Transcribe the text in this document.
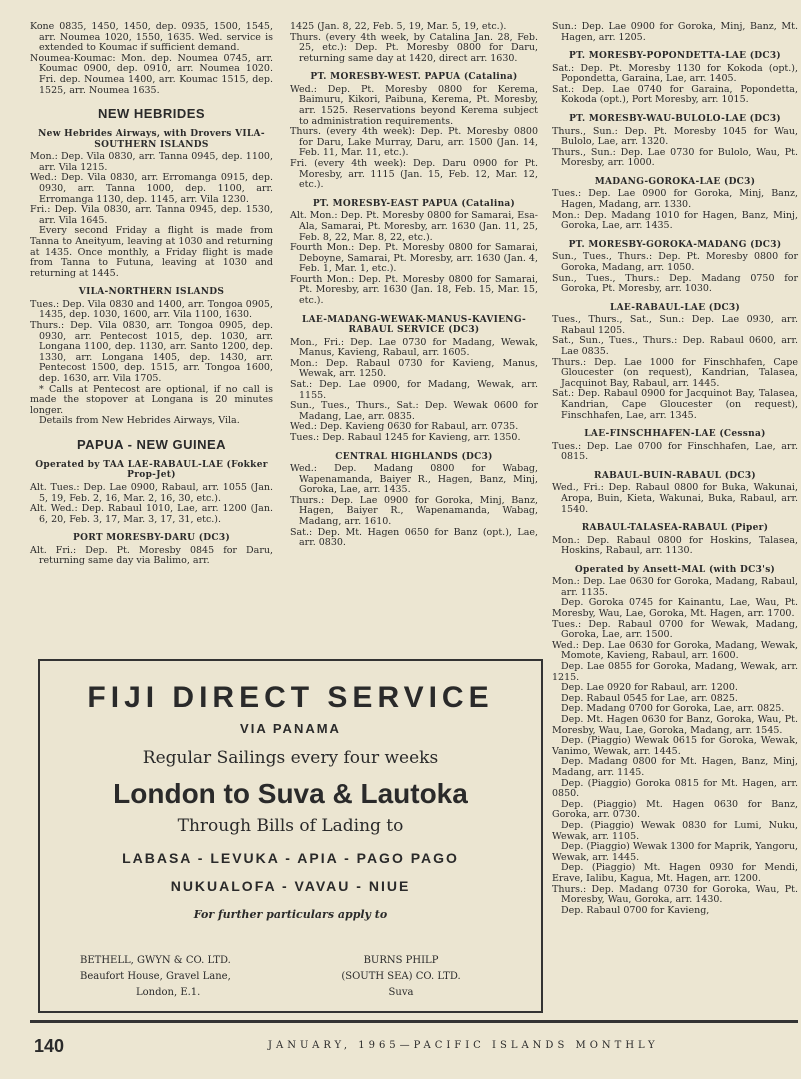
Kone 0835, 1450, 1450, dep. 0935, 1500, 1545, arr. Noumea 1020, 1550, 1635. Wed. service is extended to Koumac if sufficient demand.
Noumea-Koumac: Mon. dep. Noumea 0745, arr. Koumac 0900, dep. 0910, arr. Noumea 1020. Fri. dep. Noumea 1400, arr. Koumac 1515, dep. 1525, arr. Noumea 1635.
NEW HEBRIDES
New Hebrides Airways, with Drovers VILA-SOUTHERN ISLANDS
Mon.: Dep. Vila 0830, arr. Tanna 0945, dep. 1100, arr. Vila 1215.
Wed.: Dep. Vila 0830, arr. Erromanga 0915, dep. 0930, arr. Tanna 1000, dep. 1100, arr. Erromanga 1130, dep. 1145, arr. Vila 1230.
Fri.: Dep. Vila 0830, arr. Tanna 0945, dep. 1530, arr. Vila 1645.
Every second Friday a flight is made from Tanna to Aneityum, leaving at 1030 and returning at 1435. Once monthly, a Friday flight is made from Tanna to Futuna, leaving at 1030 and returning at 1445.
VILA-NORTHERN ISLANDS
Tues.: Dep. Vila 0830 and 1400, arr. Tongoa 0905, 1435, dep. 1030, 1600, arr. Vila 1100, 1630.
Thurs.: Dep. Vila 0830, arr. Tongoa 0905, dep. 0930, arr. Pentecost 1015, dep. 1030, arr. Longana 1100, dep. 1130, arr. Santo 1200, dep. 1330, arr. Longana 1405, dep. 1430, arr. Pentecost 1500, dep. 1515, arr. Tongoa 1600, dep. 1630, arr. Vila 1705.
* Calls at Pentecost are optional, if no call is made the stopover at Longana is 20 minutes longer.
Details from New Hebrides Airways, Vila.
PAPUA - NEW GUINEA
Operated by TAA LAE-RABAUL-LAE (Fokker Prop-Jet)
Alt. Tues.: Dep. Lae 0900, Rabaul, arr. 1055 (Jan. 5, 19, Feb. 2, 16, Mar. 2, 16, 30, etc.).
Alt. Wed.: Dep. Rabaul 1010, Lae, arr. 1200 (Jan. 6, 20, Feb. 3, 17, Mar. 3, 17, 31, etc.).
PORT MORESBY-DARU (DC3)
Alt. Fri.: Dep. Pt. Moresby 0845 for Daru, returning same day via Balimo, arr.
1425 (Jan. 8, 22, Feb. 5, 19, Mar. 5, 19, etc.).
Thurs. (every 4th week, by Catalina Jan. 28, Feb. 25, etc.): Dep. Pt. Moresby 0800 for Daru, returning same day at 1420, direct arr. 1630.
PT. MORESBY-WEST. PAPUA (Catalina)
Wed.: Dep. Pt. Moresby 0800 for Kerema, Baimuru, Kikori, Paibuna, Kerema, Pt. Moresby, arr. 1525. Reservations beyond Kerema subject to administration requirements.
Thurs. (every 4th week): Dep. Pt. Moresby 0800 for Daru, Lake Murray, Daru, arr. 1500 (Jan. 14, Feb. 11, Mar. 11, etc.).
Fri. (every 4th week): Dep. Daru 0900 for Pt. Moresby, arr. 1115 (Jan. 15, Feb. 12, Mar. 12, etc.).
PT. MORESBY-EAST PAPUA (Catalina)
Alt. Mon.: Dep. Pt. Moresby 0800 for Samarai, Esa-Ala, Samarai, Pt. Moresby, arr. 1630 (Jan. 11, 25, Feb. 8, 22, Mar. 8, 22, etc.).
Fourth Mon.: Dep. Pt. Moresby 0800 for Samarai, Deboyne, Samarai, Pt. Moresby, arr. 1630 (Jan. 4, Feb. 1, Mar. 1, etc.).
Fourth Mon.: Dep. Pt. Moresby 0800 for Samarai, Pt. Moresby, arr. 1630 (Jan. 18, Feb. 15, Mar. 15, etc.).
LAE-MADANG-WEWAK-MANUS-KAVIENG-RABAUL SERVICE (DC3)
Mon., Fri.: Dep. Lae 0730 for Madang, Wewak, Manus, Kavieng, Rabaul, arr. 1605.
Mon.: Dep. Rabaul 0730 for Kavieng, Manus, Wewak, arr. 1250.
Sat.: Dep. Lae 0900, for Madang, Wewak, arr. 1155.
Sun., Tues., Thurs., Sat.: Dep. Wewak 0600 for Madang, Lae, arr. 0835.
Wed.: Dep. Kavieng 0630 for Rabaul, arr. 0735.
Tues.: Dep. Rabaul 1245 for Kavieng, arr. 1350.
CENTRAL HIGHLANDS (DC3)
Wed.: Dep. Madang 0800 for Wabag, Wapenamanda, Baiyer R., Hagen, Banz, Minj, Goroka, Lae, arr. 1435.
Thurs.: Dep. Lae 0900 for Goroka, Minj, Banz, Hagen, Baiyer R., Wapenamanda, Wabag, Madang, arr. 1610.
Sat.: Dep. Mt. Hagen 0650 for Banz (opt.), Lae, arr. 0830.
Sun.: Dep. Lae 0900 for Goroka, Minj, Banz, Mt. Hagen, arr. 1205.
PT. MORESBY-POPONDETTA-LAE (DC3)
Sat.: Dep. Pt. Moresby 1130 for Kokoda (opt.), Popondetta, Garaina, Lae, arr. 1405.
Sat.: Dep. Lae 0740 for Garaina, Popondetta, Kokoda (opt.), Port Moresby, arr. 1015.
PT. MORESBY-WAU-BULOLO-LAE (DC3)
Thurs., Sun.: Dep. Pt. Moresby 1045 for Wau, Bulolo, Lae, arr. 1320.
Thurs., Sun.: Dep. Lae 0730 for Bulolo, Wau, Pt. Moresby, arr. 1000.
MADANG-GOROKA-LAE (DC3)
Tues.: Dep. Lae 0900 for Goroka, Minj, Banz, Hagen, Madang, arr. 1330.
Mon.: Dep. Madang 1010 for Hagen, Banz, Minj, Goroka, Lae, arr. 1435.
PT. MORESBY-GOROKA-MADANG (DC3)
Sun., Tues., Thurs.: Dep. Pt. Moresby 0800 for Goroka, Madang, arr. 1050.
Sun., Tues., Thurs.: Dep. Madang 0750 for Goroka, Pt. Moresby, arr. 1030.
LAE-RABAUL-LAE (DC3)
Tues., Thurs., Sat., Sun.: Dep. Lae 0930, arr. Rabaul 1205.
Sat., Sun., Tues., Thurs.: Dep. Rabaul 0600, arr. Lae 0835.
Thurs.: Dep. Lae 1000 for Finschhafen, Cape Gloucester (on request), Kandrian, Talasea, Jacquinot Bay, Rabaul, arr. 1445.
Sat.: Dep. Rabaul 0900 for Jacquinot Bay, Talasea, Kandrian, Cape Gloucester (on request), Finschhafen, Lae, arr. 1345.
LAE-FINSCHHAFEN-LAE (Cessna)
Tues.: Dep. Lae 0700 for Finschhafen, Lae, arr. 0815.
RABAUL-BUIN-RABAUL (DC3)
Wed., Fri.: Dep. Rabaul 0800 for Buka, Wakunai, Aropa, Buin, Kieta, Wakunai, Buka, Rabaul, arr. 1540.
RABAUL-TALASEA-RABAUL (Piper)
Mon.: Dep. Rabaul 0800 for Hoskins, Talasea, Hoskins, Rabaul, arr. 1130.
Operated by Ansett-MAL (with DC3's)
Mon.: Dep. Lae 0630 for Goroka, Madang, Rabaul, arr. 1135.
Dep. Goroka 0745 for Kainantu, Lae, Wau, Pt. Moresby, Wau, Lae, Goroka, Mt. Hagen, arr. 1700.
Tues.: Dep. Rabaul 0700 for Wewak, Madang, Goroka, Lae, arr. 1500.
Wed.: Dep. Lae 0630 for Goroka, Madang, Wewak, Momote, Kavieng, Rabaul, arr. 1600.
Dep. Lae 0855 for Goroka, Madang, Wewak, arr. 1215.
Dep. Lae 0920 for Rabaul, arr. 1200.
Dep. Rabaul 0545 for Lae, arr. 0825.
Dep. Madang 0700 for Goroka, Lae, arr. 0825.
Dep. Mt. Hagen 0630 for Banz, Goroka, Wau, Pt. Moresby, Wau, Lae, Goroka, Madang, arr. 1545.
Dep. (Piaggio) Wewak 0615 for Goroka, Wewak, Vanimo, Wewak, arr. 1445.
Dep. Madang 0800 for Mt. Hagen, Banz, Minj, Madang, arr. 1145.
Dep. (Piaggio) Goroka 0815 for Mt. Hagen, arr. 0850.
Dep. (Piaggio) Mt. Hagen 0630 for Banz, Goroka, arr. 0730.
Dep. (Piaggio) Wewak 0830 for Lumi, Nuku, Wewak, arr. 1105.
Dep. (Piaggio) Wewak 1300 for Maprik, Yangoru, Wewak, arr. 1445.
Dep. (Piaggio) Mt. Hagen 0930 for Mendi, Erave, Ialibu, Kagua, Mt. Hagen, arr. 1200.
Thurs.: Dep. Madang 0730 for Goroka, Wau, Pt. Moresby, Wau, Goroka, arr. 1430.
Dep. Rabaul 0700 for Kavieng,
FIJI DIRECT SERVICE
VIA PANAMA
Regular Sailings every four weeks
London to Suva & Lautoka
Through Bills of Lading to
LABASA - LEVUKA - APIA - PAGO PAGO
NUKUALOFA - VAVAU - NIUE
For further particulars apply to
BETHELL, GWYN & CO. LTD.
Beaufort House, Gravel Lane,
London, E.1.
BURNS PHILP
(SOUTH SEA) CO. LTD.
Suva
140	JANUARY, 1965—PACIFIC ISLANDS MONTHLY
